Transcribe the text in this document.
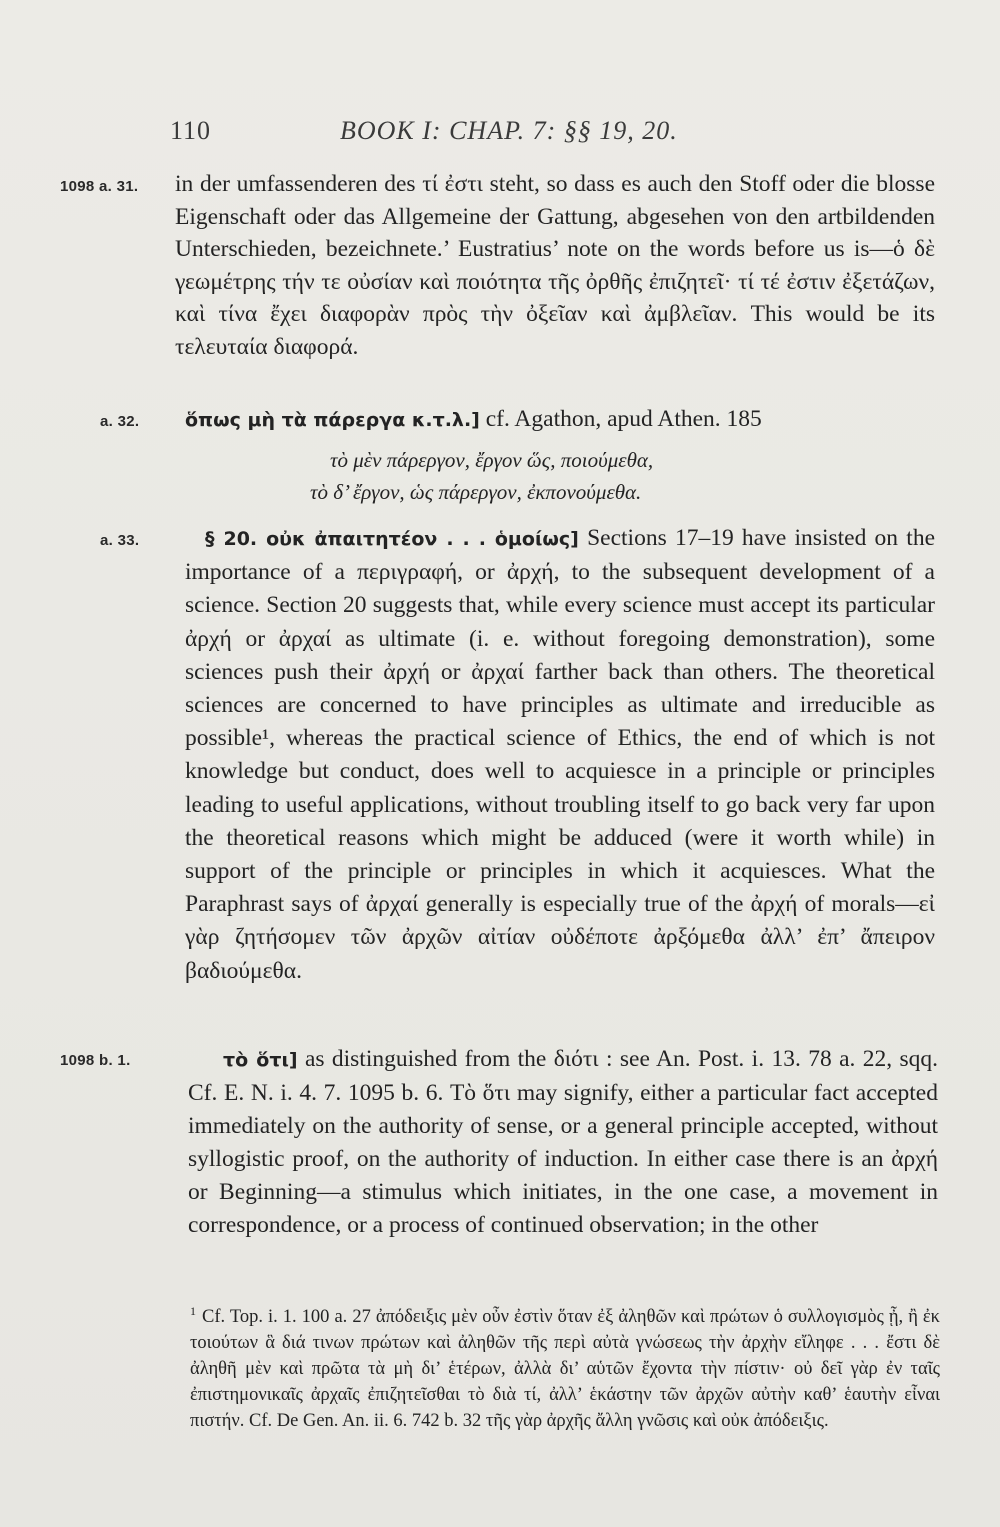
110	BOOK I: CHAP. 7: §§ 19, 20.
1098 a. 31. in der umfassenderen des τί ἐστι steht, so dass es auch den Stoff oder die blosse Eigenschaft oder das Allgemeine der Gattung, abgesehen von den artbildenden Unterschieden, bezeichnete.’ Eustratius’ note on the words before us is—ὁ δὲ γεωμέτρης τήν τε οὐσίαν καὶ ποιότητα τῆς ὀρθῆς ἐπιζητεῖ· τί τέ ἐστιν ἐξετάζων, καὶ τίνα ἔχει διαφορὰν πρὸς τὴν ὀξεῖαν καὶ ἀμβλεῖαν. This would be its τελευταία διαφορά.
a. 32. ὅπως μὴ τὰ πάρεργα κ.τ.λ.] cf. Agathon, apud Athen. 185
τὸ μὲν πάρεργον, ἔργον ὥς, ποιούμεθα,
τὸ δ’ ἔργον, ὡς πάρεργον, ἐκπονούμεθα.
a. 33.	§ 20. οὐκ ἀπαιτητέον . . . ὁμοίως] Sections 17–19 have insisted on the importance of a περιγραφή, or ἀρχή, to the subsequent development of a science. Section 20 suggests that, while every science must accept its particular ἀρχή or ἀρχαί as ultimate (i. e. without foregoing demonstration), some sciences push their ἀρχή or ἀρχαί farther back than others. The theoretical sciences are concerned to have principles as ultimate and irreducible as possible¹, whereas the practical science of Ethics, the end of which is not knowledge but conduct, does well to acquiesce in a principle or principles leading to useful applications, without troubling itself to go back very far upon the theoretical reasons which might be adduced (were it worth while) in support of the principle or principles in which it acquiesces. What the Paraphrast says of ἀρχαί generally is especially true of the ἀρχή of morals—εἰ γὰρ ζητήσομεν τῶν ἀρχῶν αἰτίαν οὐδέποτε ἀρξόμεθα ἀλλ’ ἐπ’ ἄπειρον βαδιούμεθα.
1098 b. 1.	τὸ ὅτι] as distinguished from the διότι : see An. Post. i. 13. 78 a. 22, sqq. Cf. E. N. i. 4. 7. 1095 b. 6. Τὸ ὅτι may signify, either a particular fact accepted immediately on the authority of sense, or a general principle accepted, without syllogistic proof, on the authority of induction. In either case there is an ἀρχή or Beginning—a stimulus which initiates, in the one case, a movement in correspondence, or a process of continued observation; in the other
$^1$ Cf. Top. i. 1. 100 a. 27 ἀπόδειξις μὲν οὖν ἐστὶν ὅταν ἐξ ἀληθῶν καὶ πρώτων ὁ συλλογισμὸς ᾖ, ἢ ἐκ τοιούτων ἃ διά τινων πρώτων καὶ ἀληθῶν τῆς περὶ αὐτὰ γνώσεως τὴν ἀρχὴν εἴληφε . . . ἔστι δὲ ἀληθῆ μὲν καὶ πρῶτα τὰ μὴ δι’ ἑτέρων, ἀλλὰ δι’ αὑτῶν ἔχοντα τὴν πίστιν· οὐ δεῖ γὰρ ἐν ταῖς ἐπιστημονικαῖς ἀρχαῖς ἐπιζητεῖσθαι τὸ διὰ τί, ἀλλ’ ἑκάστην τῶν ἀρχῶν αὐτὴν καθ’ ἑαυτὴν εἶναι πιστήν. Cf. De Gen. An. ii. 6. 742 b. 32 τῆς γὰρ ἀρχῆς ἄλλη γνῶσις καὶ οὐκ ἀπόδειξις.
